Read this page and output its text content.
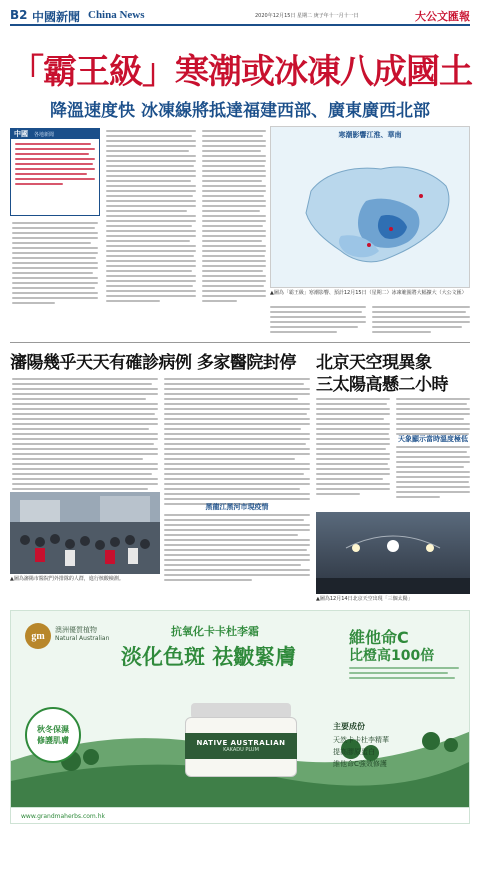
B2 中國新聞 China News	2020年12月15日 星期二 庚子年十一月十一日	大公文匯報
「霸王級」寒潮或冰凍八成國土
降溫速度快 冰凍線將抵達福建西部、廣東廣西北部
中國 各地新聞	寒潮影響江淮、華南
▲圖為「霸王級」寒潮影響、預計12月15日（星期二）冰凍範圍將大幅擴大（大公文匯）
瀋陽幾乎天天有確診病例 多家醫院封停
▲圖為瀋陽市醫院門外排隊的人群，進行核酸檢測。
黑龍江黑河市現疫情
北京天空現異象
三太陽高懸二小時
天象顯示當時溫度極低
▲圖為12月14日北京天空出現「三個太陽」
gm
澳洲優質植物
Natural Australian
抗氧化卡卡杜李霜
淡化色斑 祛皺緊膚
維他命C
比橙高100倍
秋冬保濕
修護肌膚	NATIVE AUSTRALIAN
KAKADU PLUM
主要成份
天然卡卡杜李精華
提高膠原蛋白
維他命C強效修護
www.grandmaherbs.com.hk
